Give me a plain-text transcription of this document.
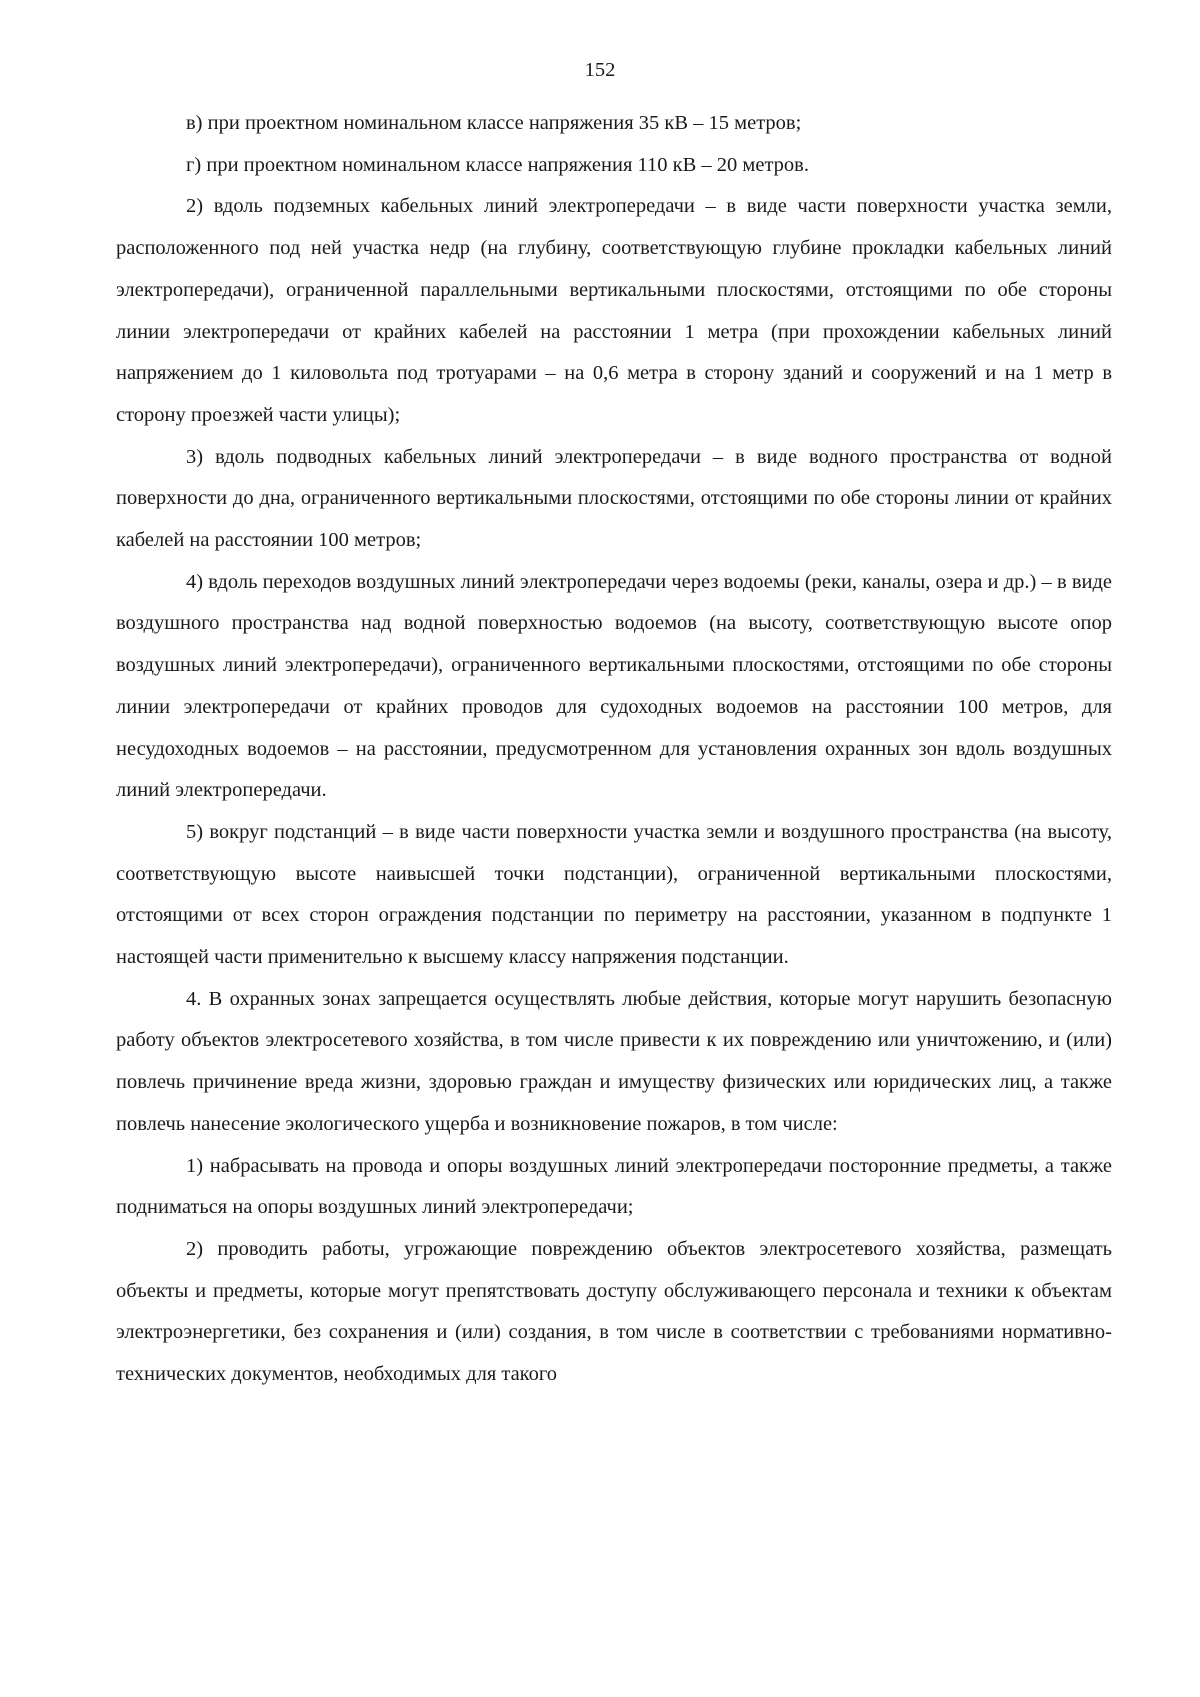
152

в) при проектном номинальном классе напряжения 35 кВ – 15 метров;

г) при проектном номинальном классе напряжения 110 кВ – 20 метров.

2) вдоль подземных кабельных линий электропередачи – в виде части поверхности участка земли, расположенного под ней участка недр (на глубину, соответствующую глубине прокладки кабельных линий электропередачи), ограниченной параллельными вертикальными плоскостями, отстоящими по обе стороны линии электропередачи от крайних кабелей на расстоянии 1 метра (при прохождении кабельных линий напряжением до 1 киловольта под тротуарами – на 0,6 метра в сторону зданий и сооружений и на 1 метр в сторону проезжей части улицы);

3) вдоль подводных кабельных линий электропередачи – в виде водного пространства от водной поверхности до дна, ограниченного вертикальными плоскостями, отстоящими по обе стороны линии от крайних кабелей на расстоянии 100 метров;

4) вдоль переходов воздушных линий электропередачи через водоемы (реки, каналы, озера и др.) – в виде воздушного пространства над водной поверхностью водоемов (на высоту, соответствующую высоте опор воздушных линий электропередачи), ограниченного вертикальными плоскостями, отстоящими по обе стороны линии электропередачи от крайних проводов для судоходных водоемов на расстоянии 100 метров, для несудоходных водоемов – на расстоянии, предусмотренном для установления охранных зон вдоль воздушных линий электропередачи.

5) вокруг подстанций – в виде части поверхности участка земли и воздушного пространства (на высоту, соответствующую высоте наивысшей точки подстанции), ограниченной вертикальными плоскостями, отстоящими от всех сторон ограждения подстанции по периметру на расстоянии, указанном в подпункте 1 настоящей части применительно к высшему классу напряжения подстанции.

4. В охранных зонах запрещается осуществлять любые действия, которые могут нарушить безопасную работу объектов электросетевого хозяйства, в том числе привести к их повреждению или уничтожению, и (или) повлечь причинение вреда жизни, здоровью граждан и имуществу физических или юридических лиц, а также повлечь нанесение экологического ущерба и возникновение пожаров, в том числе:

1) набрасывать на провода и опоры воздушных линий электропередачи посторонние предметы, а также подниматься на опоры воздушных линий электропередачи;

2) проводить работы, угрожающие повреждению объектов электросетевого хозяйства, размещать объекты и предметы, которые могут препятствовать доступу обслуживающего персонала и техники к объектам электроэнергетики, без сохранения и (или) создания, в том числе в соответствии с требованиями нормативно-технических документов, необходимых для такого
